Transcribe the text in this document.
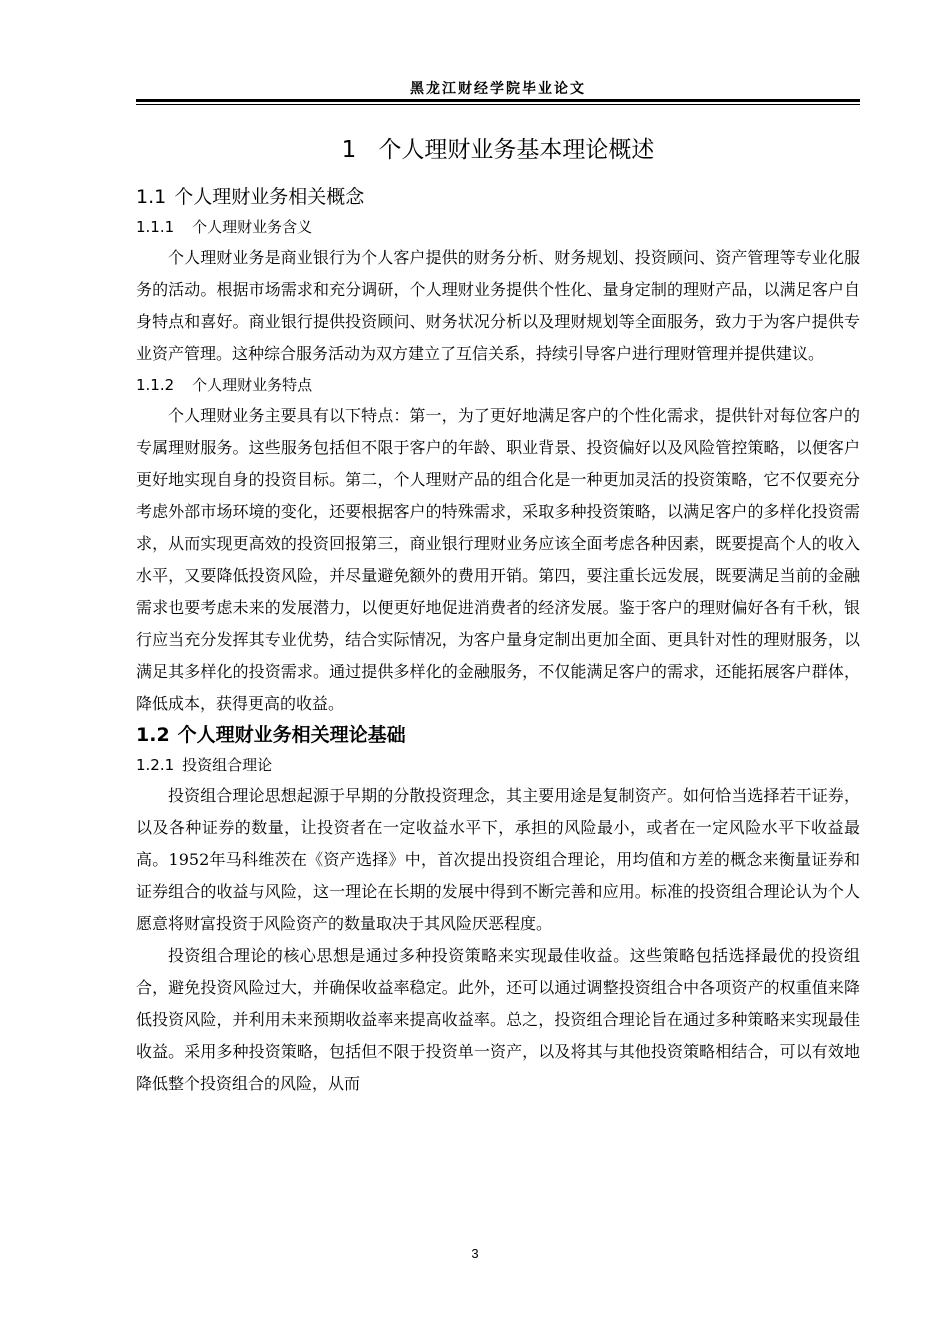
黑龙江财经学院毕业论文
1 个人理财业务基本理论概述
1.1 个人理财业务相关概念
1.1.1 个人理财业务含义

个人理财业务是商业银行为个人客户提供的财务分析、财务规划、投资顾问、资产管理等专业化服务的活动。根据市场需求和充分调研，个人理财业务提供个性化、量身定制的理财产品，以满足客户自身特点和喜好。商业银行提供投资顾问、财务状况分析以及理财规划等全面服务，致力于为客户提供专业资产管理。这种综合服务活动为双方建立了互信关系，持续引导客户进行理财管理并提供建议。

1.1.2 个人理财业务特点

个人理财业务主要具有以下特点：第一，为了更好地满足客户的个性化需求，提供针对每位客户的专属理财服务。这些服务包括但不限于客户的年龄、职业背景、投资偏好以及风险管控策略，以便客户更好地实现自身的投资目标。第二，个人理财产品的组合化是一种更加灵活的投资策略，它不仅要充分考虑外部市场环境的变化，还要根据客户的特殊需求，采取多种投资策略，以满足客户的多样化投资需求，从而实现更高效的投资回报第三，商业银行理财业务应该全面考虑各种因素，既要提高个人的收入水平，又要降低投资风险，并尽量避免额外的费用开销。第四，要注重长远发展，既要满足当前的金融需求也要考虑未来的发展潜力，以便更好地促进消费者的经济发展。鉴于客户的理财偏好各有千秋，银行应当充分发挥其专业优势，结合实际情况，为客户量身定制出更加全面、更具针对性的理财服务，以满足其多样化的投资需求。通过提供多样化的金融服务，不仅能满足客户的需求，还能拓展客户群体，降低成本，获得更高的收益。

1.2 个人理财业务相关理论基础
1.2.1 投资组合理论

投资组合理论思想起源于早期的分散投资理念，其主要用途是复制资产。如何恰当选择若干证券，以及各种证券的数量，让投资者在一定收益水平下，承担的风险最小，或者在一定风险水平下收益最高。1952年马科维茨在《资产选择》中，首次提出投资组合理论，用均值和方差的概念来衡量证券和证券组合的收益与风险，这一理论在长期的发展中得到不断完善和应用。标准的投资组合理论认为个人愿意将财富投资于风险资产的数量取决于其风险厌恶程度。

投资组合理论的核心思想是通过多种投资策略来实现最佳收益。这些策略包括选择最优的投资组合，避免投资风险过大，并确保收益率稳定。此外，还可以通过调整投资组合中各项资产的权重值来降低投资风险，并利用未来预期收益率来提高收益率。总之，投资组合理论旨在通过多种策略来实现最佳收益。采用多种投资策略，包括但不限于投资单一资产，以及将其与其他投资策略相结合，可以有效地降低整个投资组合的风险，从而

3
